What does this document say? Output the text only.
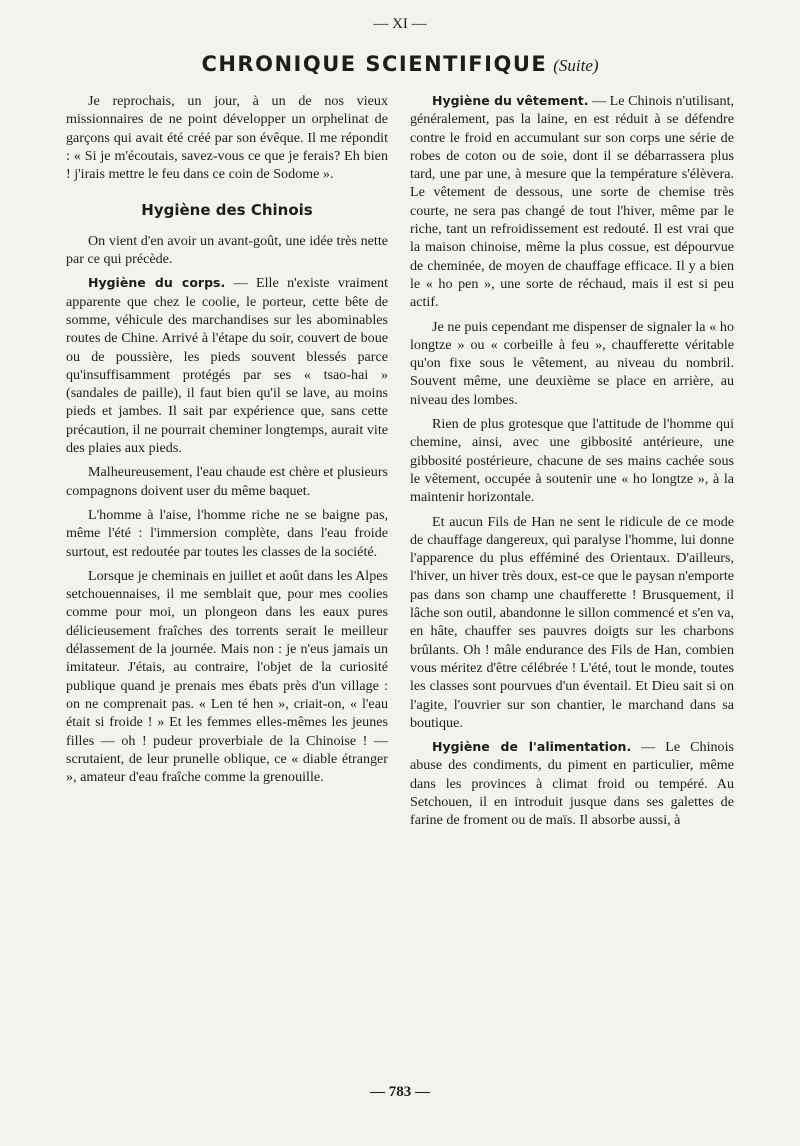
— XI —
CHRONIQUE SCIENTIFIQUE (Suite)

Je reprochais, un jour, à un de nos vieux missionnaires de ne point développer un orphelinat de garçons qui avait été créé par son évêque. Il me répondit : « Si je m'écoutais, savez-vous ce que je ferais? Eh bien ! j'irais mettre le feu dans ce coin de Sodome ».

Hygiène des Chinois

On vient d'en avoir un avant-goût, une idée très nette par ce qui précède.

Hygiène du corps. — Elle n'existe vraiment apparente que chez le coolie, le porteur, cette bête de somme, véhicule des marchandises sur les abominables routes de Chine. Arrivé à l'étape du soir, couvert de boue ou de poussière, les pieds souvent blessés parce qu'insuffisamment protégés par ses « tsao-hai » (sandales de paille), il faut bien qu'il se lave, au moins pieds et jambes. Il sait par expérience que, sans cette précaution, il ne pourrait cheminer longtemps, aurait vite des plaies aux pieds.

Malheureusement, l'eau chaude est chère et plusieurs compagnons doivent user du même baquet.

L'homme à l'aise, l'homme riche ne se baigne pas, même l'été : l'immersion complète, dans l'eau froide surtout, est redoutée par toutes les classes de la société.

Lorsque je cheminais en juillet et août dans les Alpes setchouennaises, il me semblait que, pour mes coolies comme pour moi, un plongeon dans les eaux pures délicieusement fraîches des torrents serait le meilleur délassement de la journée. Mais non : je n'eus jamais un imitateur. J'étais, au contraire, l'objet de la curiosité publique quand je prenais mes ébats près d'un village : on ne comprenait pas. « Len té hen », criait-on, « l'eau était si froide ! » Et les femmes elles-mêmes les jeunes filles — oh ! pudeur proverbiale de la Chinoise ! — scrutaient, de leur prunelle oblique, ce « diable étranger », amateur d'eau fraîche comme la grenouille.

Hygiène du vêtement. — Le Chinois n'utilisant, généralement, pas la laine, en est réduit à se défendre contre le froid en accumulant sur son corps une série de robes de coton ou de soie, dont il se débarrassera plus tard, une par une, à mesure que la température s'élèvera. Le vêtement de dessous, une sorte de chemise très courte, ne sera pas changé de tout l'hiver, même par le riche, tant un refroidissement est redouté. Il est vrai que la maison chinoise, même la plus cossue, est dépourvue de cheminée, de moyen de chauffage efficace. Il y a bien le « ho pen », une sorte de réchaud, mais il est si peu actif.

Je ne puis cependant me dispenser de signaler la « ho longtze » ou « corbeille à feu », chaufferette véritable qu'on fixe sous le vêtement, au niveau du nombril. Souvent même, une deuxième se place en arrière, au niveau des lombes.

Rien de plus grotesque que l'attitude de l'homme qui chemine, ainsi, avec une gibbosité antérieure, une gibbosité postérieure, chacune de ses mains cachée sous le vêtement, occupée à soutenir une « ho longtze », à la maintenir horizontale.

Et aucun Fils de Han ne sent le ridicule de ce mode de chauffage dangereux, qui paralyse l'homme, lui donne l'apparence du plus efféminé des Orientaux. D'ailleurs, l'hiver, un hiver très doux, est-ce que le paysan n'emporte pas dans son champ une chaufferette ! Brusquement, il lâche son outil, abandonne le sillon commencé et s'en va, en hâte, chauffer ses pauvres doigts sur les charbons brûlants. Oh ! mâle endurance des Fils de Han, combien vous méritez d'être célébrée ! L'été, tout le monde, toutes les classes sont pourvues d'un éventail. Et Dieu sait si on l'agite, l'ouvrier sur son chantier, le marchand dans sa boutique.

Hygiène de l'alimentation. — Le Chinois abuse des condiments, du piment en particulier, même dans les provinces à climat froid ou tempéré. Au Setchouen, il en introduit jusque dans ses galettes de farine de froment ou de maïs. Il absorbe aussi, à

— 783 —
